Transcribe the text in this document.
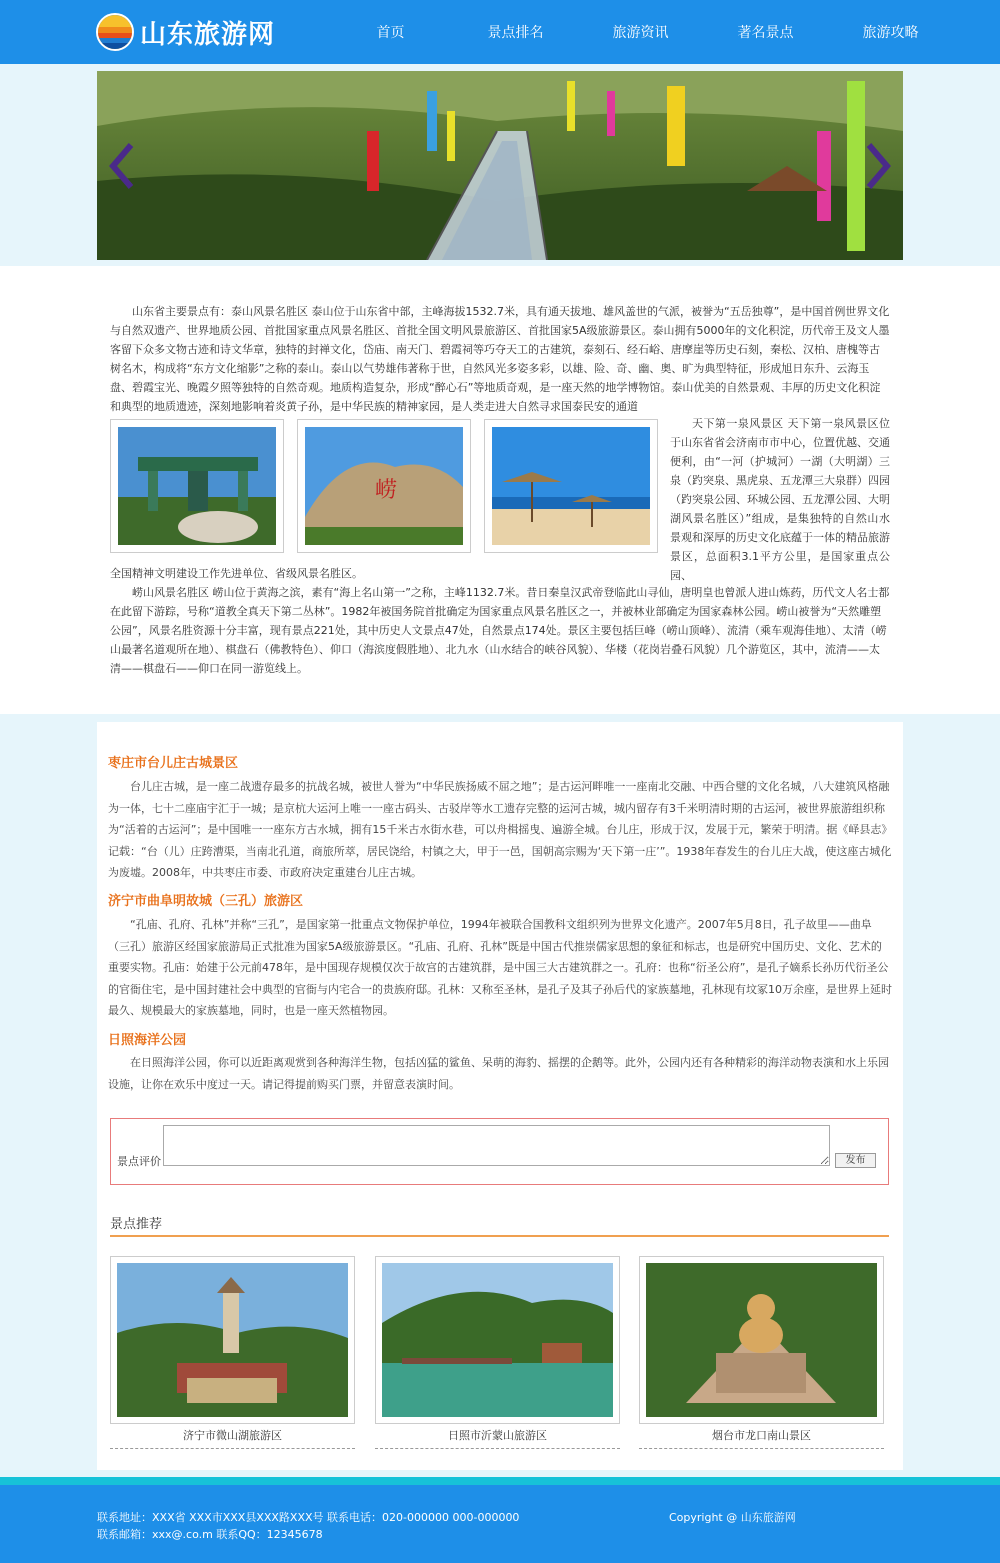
山东旅游网	首页	景点排名	旅游资讯	著名景点	旅游攻略

山东省主要景点有：泰山风景名胜区 泰山位于山东省中部，主峰海拔1532.7米，具有通天拔地、雄风盖世的气派，被誉为“五岳独尊”，是中国首例世界文化与自然双遗产、世界地质公园、首批国家重点风景名胜区、首批全国文明风景旅游区、首批国家5A级旅游景区。泰山拥有5000年的文化积淀，历代帝王及文人墨客留下众多文物古迹和诗文华章，独特的封禅文化，岱庙、南天门、碧霞祠等巧夺天工的古建筑，泰刻石、经石峪、唐摩崖等历史石刻，秦松、汉柏、唐槐等古树名木，构成将“东方文化缩影”之称的泰山。泰山以气势雄伟著称于世，自然风光多姿多彩，以雄、险、奇、幽、奥、旷为典型特征，形成旭日东升、云海玉盘、碧霞宝光、晚霞夕照等独特的自然奇观。地质构造复杂，形成“醉心石”等地质奇观，是一座天然的地学博物馆。泰山优美的自然景观、丰厚的历史文化积淀和典型的地质遗迹，深刻地影响着炎黄子孙，是中华民族的精神家园，是人类走进大自然寻求国泰民安的通道

崂

天下第一泉风景区 天下第一泉风景区位于山东省省会济南市市中心，位置优越、交通便利，由“一河（护城河）一湖（大明湖）三泉（趵突泉、黑虎泉、五龙潭三大泉群）四园（趵突泉公园、环城公园、五龙潭公园、大明湖风景名胜区）”组成，是集独特的自然山水景观和深厚的历史文化底蕴于一体的精品旅游景区，总面积3.1平方公里，是国家重点公园、

全国精神文明建设工作先进单位、省级风景名胜区。

崂山风景名胜区 崂山位于黄海之滨，素有“海上名山第一”之称，主峰1132.7米。昔日秦皇汉武帝登临此山寻仙，唐明皇也曾派人进山炼药，历代文人名士都在此留下游踪，号称“道教全真天下第二丛林”。1982年被国务院首批确定为国家重点风景名胜区之一，并被林业部确定为国家森林公园。崂山被誉为“天然雕塑公园”，风景名胜资源十分丰富，现有景点221处，其中历史人文景点47处，自然景点174处。景区主要包括巨峰（崂山顶峰）、流清（乘车观海佳地）、太清（崂山最著名道观所在地）、棋盘石（佛教特色）、仰口（海滨度假胜地）、北九水（山水结合的峡谷风貌）、华楼（花岗岩叠石风貌）几个游览区，其中，流清——太清——棋盘石——仰口在同一游览线上。

枣庄市台儿庄古城景区

台儿庄古城，是一座二战遗存最多的抗战名城，被世人誉为“中华民族扬威不屈之地”；是古运河畔唯一一座南北交融、中西合璧的文化名城，八大建筑风格融为一体，七十二座庙宇汇于一城；是京杭大运河上唯一一座古码头、古驳岸等水工遗存完整的运河古城，城内留存有3千米明清时期的古运河，被世界旅游组织称为“活着的古运河”；是中国唯一一座东方古水城，拥有15千米古水街水巷，可以舟楫摇曳、遍游全城。台儿庄，形成于汉，发展于元，繁荣于明清。据《峄县志》记载：“台（儿）庄跨漕渠，当南北孔道，商旅所萃，居民饶给，村镇之大，甲于一邑，国朝高宗赐为‘天下第一庄’”。1938年春发生的台儿庄大战，使这座古城化为废墟。2008年，中共枣庄市委、市政府决定重建台儿庄古城。

济宁市曲阜明故城（三孔）旅游区

“孔庙、孔府、孔林”并称“三孔”，是国家第一批重点文物保护单位，1994年被联合国教科文组织列为世界文化遗产。2007年5月8日，孔子故里——曲阜（三孔）旅游区经国家旅游局正式批准为国家5A级旅游景区。“孔庙、孔府、孔林”既是中国古代推崇儒家思想的象征和标志，也是研究中国历史、文化、艺术的重要实物。孔庙：始建于公元前478年，是中国现存规模仅次于故宫的古建筑群，是中国三大古建筑群之一。孔府：也称“衍圣公府”，是孔子嫡系长孙历代衍圣公的官衙住宅，是中国封建社会中典型的官衙与内宅合一的贵族府邸。孔林：又称至圣林，是孔子及其子孙后代的家族墓地，孔林现有坟冢10万余座，是世界上延时最久、规模最大的家族墓地，同时，也是一座天然植物园。

日照海洋公园

在日照海洋公园，你可以近距离观赏到各种海洋生物，包括凶猛的鲨鱼、呆萌的海豹、摇摆的企鹅等。此外，公园内还有各种精彩的海洋动物表演和水上乐园设施，让你在欢乐中度过一天。请记得提前购买门票，并留意表演时间。

景点评价	发布
景点推荐
济宁市微山湖旅游区	日照市沂蒙山旅游区	烟台市龙口南山景区
联系地址：XXX省 XXX市XXX县XXX路XXX号 联系电话：020-000000 000-000000
联系邮箱：xxx@.co.m 联系QQ：12345678
Copyright @ 山东旅游网
